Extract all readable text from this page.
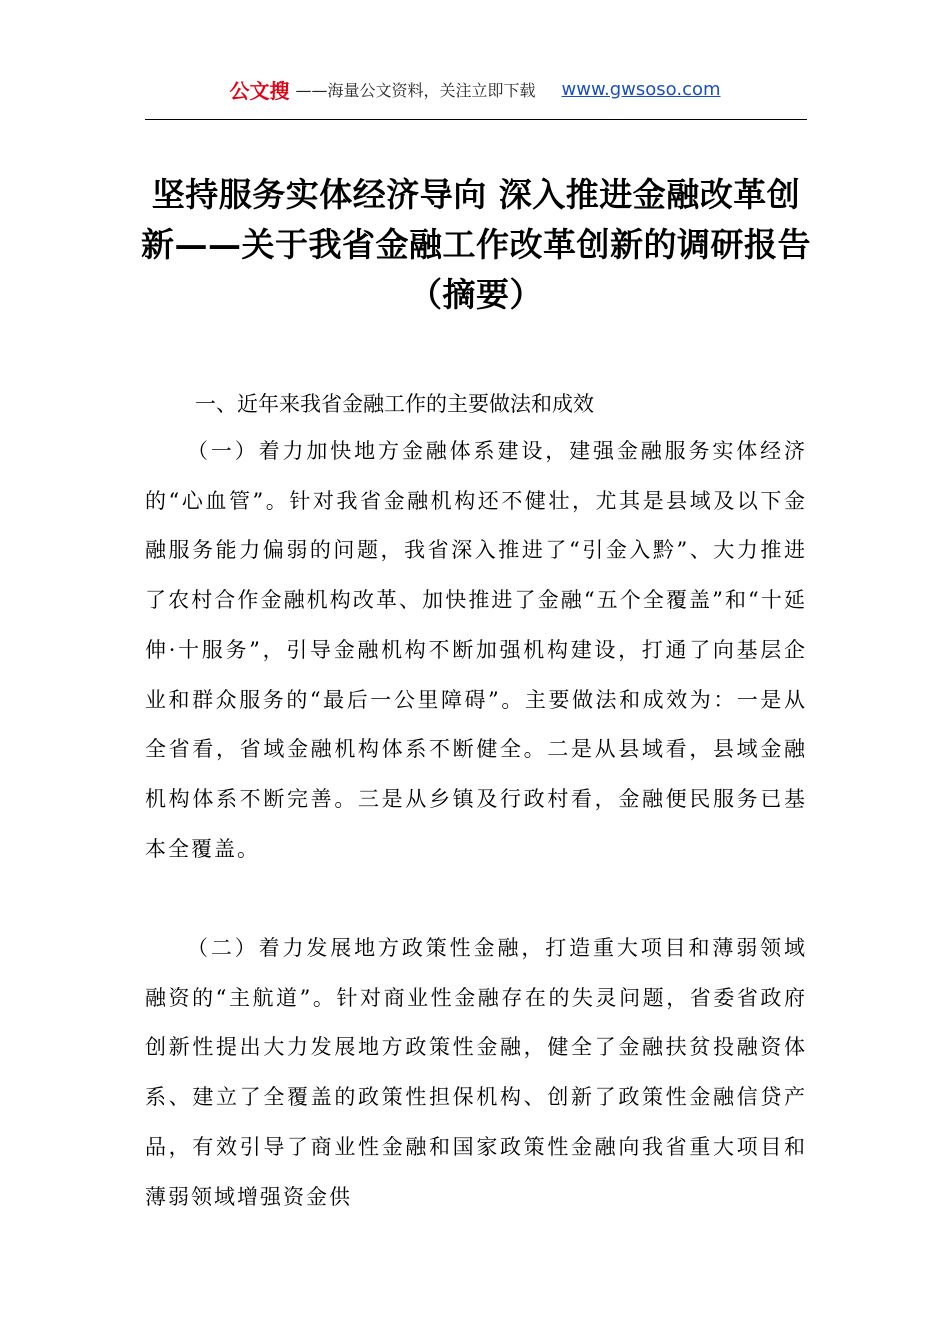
公文搜 ——海量公文资料，关注立即下载 www.gwsoso.com
坚持服务实体经济导向 深入推进金融改革创新——关于我省金融工作改革创新的调研报告（摘要）
一、近年来我省金融工作的主要做法和成效

（一）着力加快地方金融体系建设，建强金融服务实体经济的“心血管”。针对我省金融机构还不健壮，尤其是县域及以下金融服务能力偏弱的问题，我省深入推进了“引金入黔”、大力推进了农村合作金融机构改革、加快推进了金融“五个全覆盖”和“十延伸·十服务”，引导金融机构不断加强机构建设，打通了向基层企业和群众服务的“最后一公里障碍”。主要做法和成效为：一是从全省看，省域金融机构体系不断健全。二是从县域看，县域金融机构体系不断完善。三是从乡镇及行政村看，金融便民服务已基本全覆盖。

（二）着力发展地方政策性金融，打造重大项目和薄弱领域融资的“主航道”。针对商业性金融存在的失灵问题，省委省政府创新性提出大力发展地方政策性金融，健全了金融扶贫投融资体系、建立了全覆盖的政策性担保机构、创新了政策性金融信贷产品，有效引导了商业性金融和国家政策性金融向我省重大项目和薄弱领域增强资金供
